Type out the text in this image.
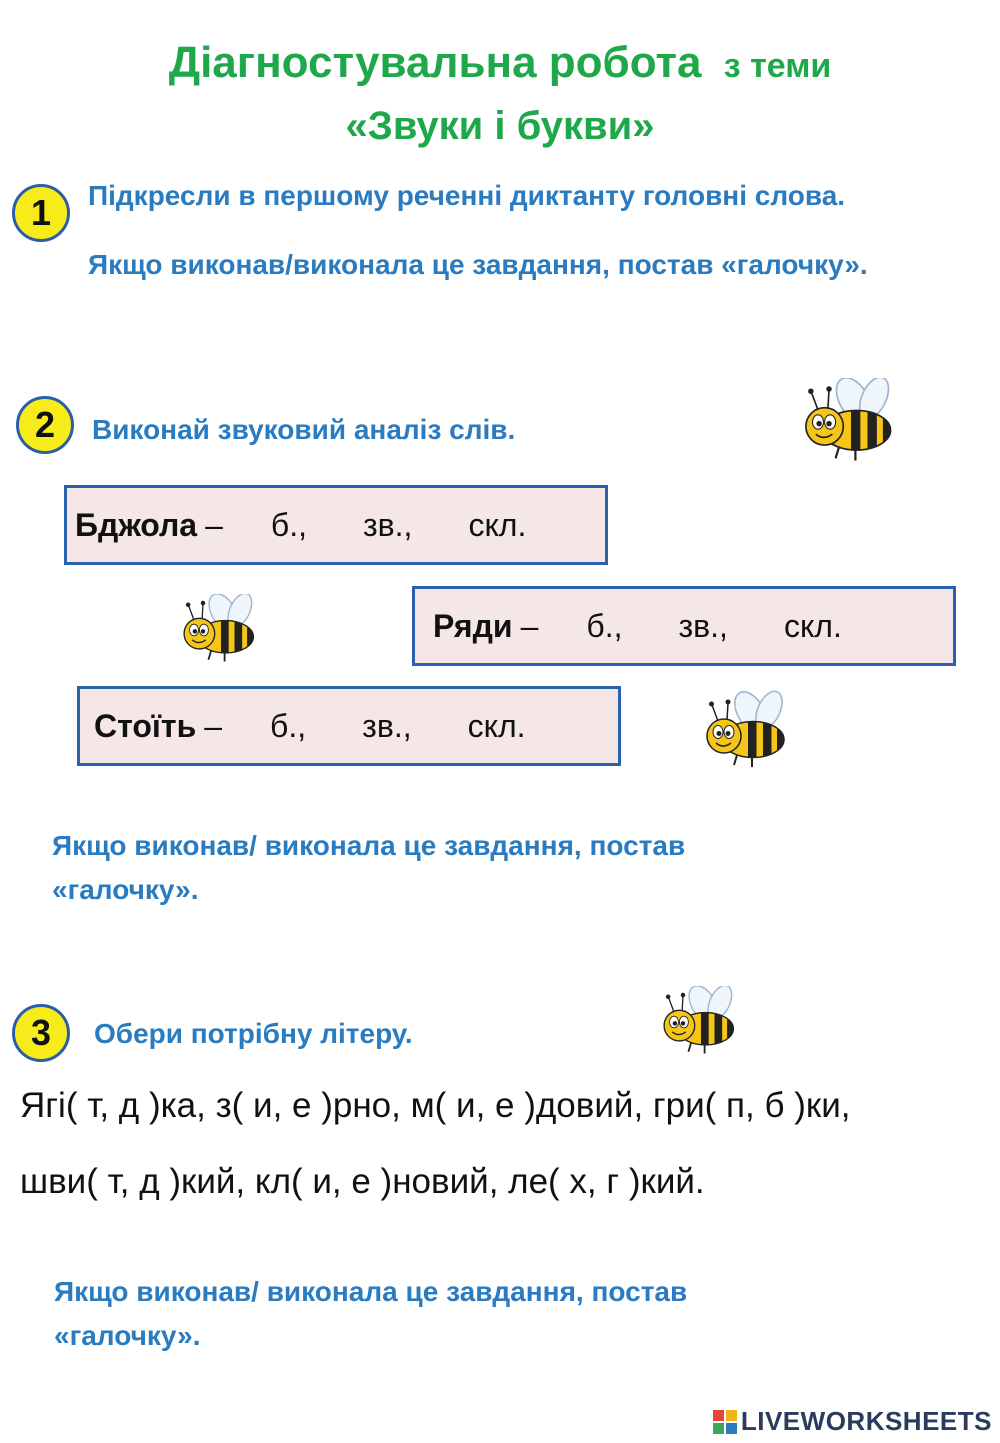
Діагностувальна робота з теми
«Звуки і букви»
1	Підкресли в першому реченні диктанту головні слова.
Якщо виконав/виконала це завдання, постав «галочку».
2	Виконай звуковий аналіз слів.
Бджола – б., зв., скл.
Ряди – б., зв., скл.
Стоїть – б., зв., скл.
Якщо виконав/ виконала це завдання, постав «галочку».
3	Обери потрібну літеру.
Ягі( т, д )ка, з( и, е )рно, м( и, е )довий, гри( п, б )ки,
шви( т, д )кий, кл( и, е )новий, ле( х, г )кий.
Якщо виконав/ виконала це завдання, постав «галочку».
LIVEWORKSHEETS
